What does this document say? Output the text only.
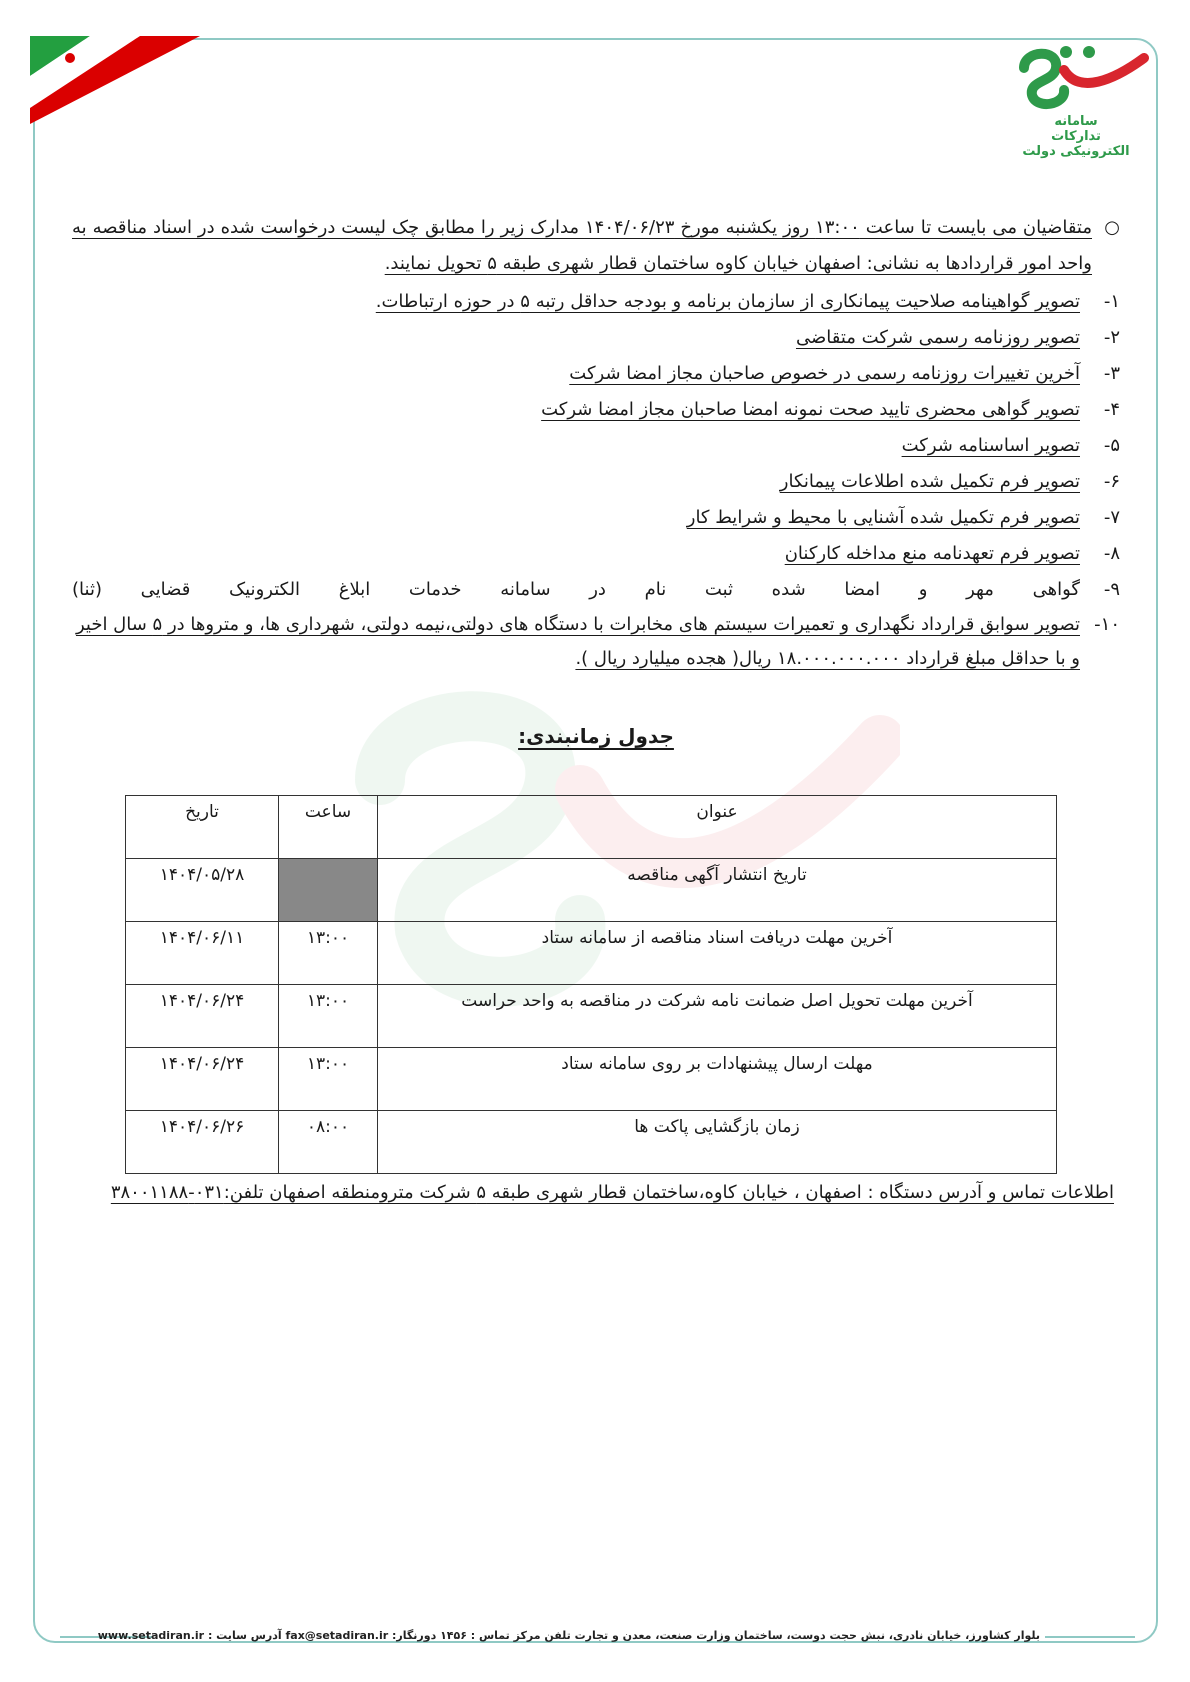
سامانه
تدارکات
الکترونیکی دولت
○
متقاضیان می بایست تا ساعت ۱۳:۰۰ روز یکشنبه مورخ ۱۴۰۴/۰۶/۲۳ مدارک زیر را مطابق چک لیست درخواست شده در اسناد مناقصه به واحد امور قراردادها به نشانی: اصفهان خیابان کاوه ساختمان قطار شهری طبقه ۵ تحویل نمایند.
۱-
تصویر گواهینامه صلاحیت پیمانکاری از سازمان برنامه و بودجه حداقل رتبه ۵ در حوزه ارتباطات.
۲-
تصویر روزنامه رسمی شرکت متقاضی
۳-
آخرین تغییرات روزنامه رسمی در خصوص صاحبان مجاز امضا شرکت
۴-
تصویر گواهی محضری تایید صحت نمونه امضا صاحبان مجاز امضا شرکت
۵-
تصویر اساسنامه شرکت
۶-
تصویر فرم تکمیل شده اطلاعات پیمانکار
۷-
تصویر فرم تکمیل شده آشنایی با محیط و شرایط کار
۸-
تصویر فرم تعهدنامه منع مداخله کارکنان
۹-
گواهی مهر و امضا شده ثبت نام در سامانه خدمات ابلاغ الکترونیک قضایی (ثنا)
۱۰-
تصویر سوابق قرارداد نگهداری و تعمیرات سیستم های مخابرات با دستگاه های دولتی،نیمه دولتی، شهرداری ها، و متروها در ۵ سال اخیر و با حداقل مبلغ قرارداد ۱۸.۰۰۰.۰۰۰.۰۰۰ ریال( هجده میلیارد ریال ).
جدول زمانبندی:
عنوان	ساعت	تاریخ
تاریخ انتشار آگهی مناقصه		۱۴۰۴/۰۵/۲۸
آخرین مهلت دریافت اسناد مناقصه از سامانه ستاد	۱۳:۰۰	۱۴۰۴/۰۶/۱۱
آخرین مهلت تحویل اصل ضمانت نامه شرکت در مناقصه به واحد حراست	۱۳:۰۰	۱۴۰۴/۰۶/۲۴
مهلت ارسال پیشنهادات بر روی سامانه ستاد	۱۳:۰۰	۱۴۰۴/۰۶/۲۴
زمان بازگشایی پاکت ها	۰۸:۰۰	۱۴۰۴/۰۶/۲۶
اطلاعات تماس و آدرس دستگاه : اصفهان ، خیابان کاوه،ساختمان قطار شهری طبقه ۵ شرکت مترومنطقه اصفهان تلفن:۰۳۱-۳۸۰۰۱۱۸۸
بلوار کشاورز، خیابان نادری، نبش حجت دوست، ساختمان وزارت صنعت، معدن و تجارت تلفن مرکز تماس : ۱۴۵۶ دورنگار: fax@setadiran.ir آدرس سایت : www.setadiran.ir
